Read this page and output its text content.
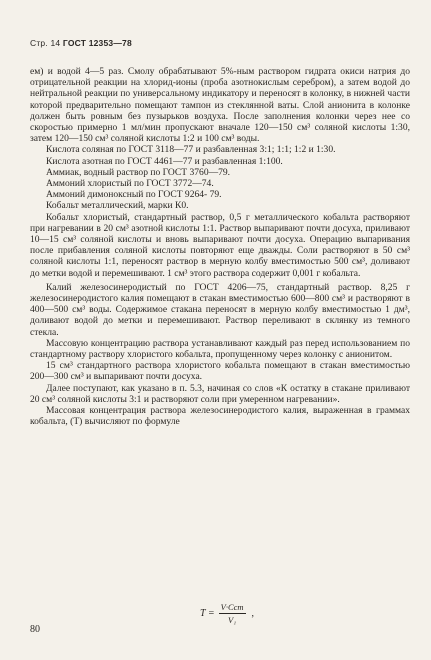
Стр. 14 ГОСТ 12353—78

ем) и водой 4—5 раз. Смолу обрабатывают 5%-ным раствором гидрата окиси натрия до отрицательной реакции на хлорид-ионы (проба азотнокислым серебром), а затем водой до нейтральной реакции по универсальному индикатору и переносят в колонку, в нижней части которой предварительно помещают тампон из стеклянной ваты. Слой анионита в колонке должен быть ровным без пузырьков воздуха. После заполнения колонки через нее со скоростью примерно 1 мл/мин пропускают вначале 120—150 см³ соляной кислоты 1:30, затем 120—150 см³ соляной кислоты 1:2 и 100 см³ воды.

Кислота соляная по ГОСТ 3118—77 и разбавленная 3:1; 1:1; 1:2 и 1:30.

Кислота азотная по ГОСТ 4461—77 и разбавленная 1:100.

Аммиак, водный раствор по ГОСТ 3760—79.

Аммоний хлористый по ГОСТ 3772—74.

Аммоний димоноксный по ГОСТ 9264- 79.

Кобальт металлический, марки К0.

Кобальт хлористый, стандартный раствор, 0,5 г металлического кобальта растворяют при нагревании в 20 см³ азотной кислоты 1:1. Раствор выпаривают почти досуха, приливают 10—15 см³ соляной кислоты и вновь выпаривают почти досуха. Операцию выпаривания после прибавления соляной кислоты повторяют еще дважды. Соли растворяют в 50 см³ соляной кислоты 1:1, переносят раствор в мерную колбу вместимостью 500 см³, доливают до метки водой и перемешивают. 1 см³ этого раствора содержит 0,001 г кобальта.

Калий железосинеродистый по ГОСТ 4206—75, стандартный раствор. 8,25 г железосинеродистого калия помещают в стакан вместимостью 600—800 см³ и растворяют в 400—500 см³ воды. Содержимое стакана переносят в мерную колбу вместимостью 1 дм³, доливают водой до метки и перемешивают. Раствор переливают в склянку из темного стекла.

Массовую концентрацию раствора устанавливают каждый раз перед использованием по стандартному раствору хлористого кобальта, пропущенному через колонку с анионитом.

15 см³ стандартного раствора хлористого кобальта помещают в стакан вместимостью 200—300 см³ и выпаривают почти досуха.

Далее поступают, как указано в п. 5.3, начиная со слов «К остатку в стакане приливают 20 см³ соляной кислоты 3:1 и растворяют соли при умеренном нагревании».

Массовая концентрация раствора железосинеродистого калия, выраженная в граммах кобальта, (T) вычисляют по формуле

$T = \frac{\text{V·Cст}}{\text{V₁}}$ ,
80
